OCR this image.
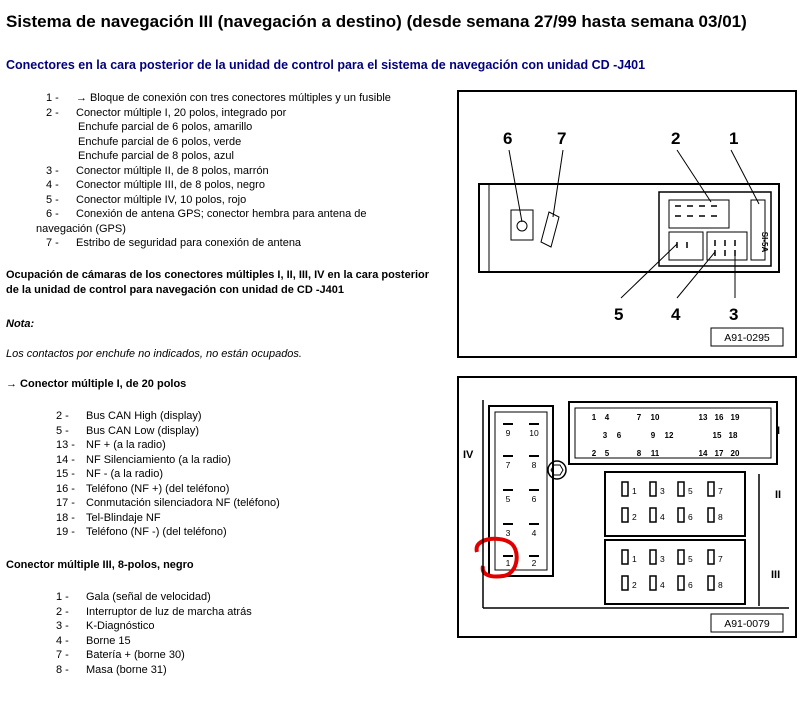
Sistema de navegación III (navegación a destino) (desde semana 27/99 hasta semana 03/01)
Conectores en la cara posterior de la unidad de control para el sistema de navegación con unidad CD -J401
1 -	→ Bloque de conexión con tres conectores múltiples y un fusible
2 -	Conector múltiple I, 20 polos, integrado por
Enchufe parcial de 6 polos, amarillo
Enchufe parcial de 6 polos, verde
Enchufe parcial de 8 polos, azul
3 -	Conector múltiple II, de 8 polos, marrón
4 -	Conector múltiple III, de 8 polos, negro
5 -	Conector múltiple IV, 10 polos, rojo
6 -	Conexión de antena GPS; conector hembra para antena de
navegación (GPS)
7 -	Estribo de seguridad para conexión de antena
Ocupación de cámaras de los conectores múltiples I, II, III, IV en la cara posterior de la unidad de control para navegación con unidad de CD -J401
Nota:
Los contactos por enchufe no indicados, no están ocupados.
→ Conector múltiple I, de 20 polos
2 -	Bus CAN High (display)
5 -	Bus CAN Low (display)
13 -	NF + (a la radio)
14 -	NF Silenciamiento (a la radio)
15 -	NF - (a la radio)
16 -	Teléfono (NF +) (del teléfono)
17 -	Conmutación silenciadora NF (teléfono)
18 -	Tel-Blindaje NF
19 -	Teléfono (NF -) (del teléfono)
Conector múltiple III, 8-polos, negro
1 -	Gala (señal de velocidad)
2 -	Interruptor de luz de marcha atrás
3 -	K-Diagnóstico
4 -	Borne 15
7 -	Batería + (borne 30)
8 -	Masa (borne 31)
SI-5A
1
2
3
4
5
6	7
A91-0295
9 10
7	8
5	6
3	4
1	2
1 4	7 10	13 16 19
3 6	9 12	15 18
2 5	8 11	14 17 20
1	3	5	7
2	4	6	8
1	3	5	7
2	4	6	8
I
II
III
IV
A91-0079
